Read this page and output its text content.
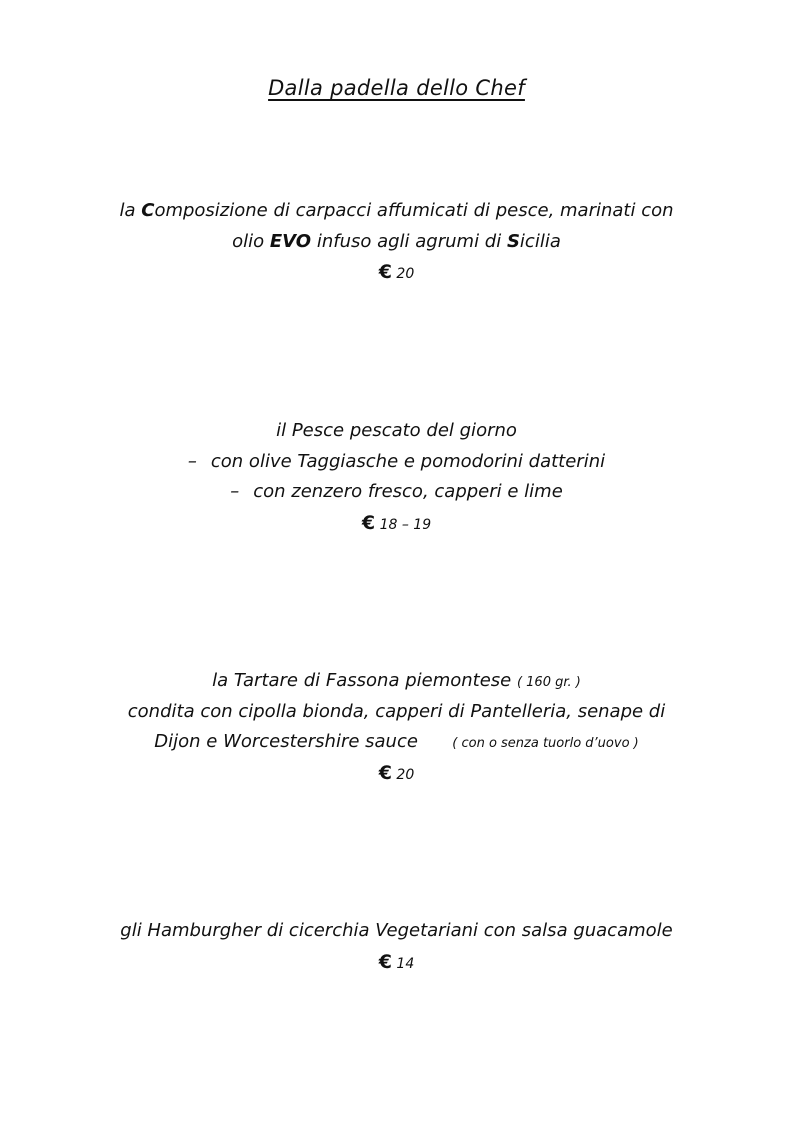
Dalla padella dello Chef
la Composizione di carpacci affumicati di pesce, marinati con
olio EVO infuso agli agrumi di Sicilia
€ 20
il Pesce pescato del giorno
– con olive Taggiasche e pomodorini datterini
– con zenzero fresco, capperi e lime
€ 18 – 19
la Tartare di Fassona piemontese ( 160 gr. )
condita con cipolla bionda, capperi di Pantelleria, senape di
Dijon e Worcestershire sauce      ( con o senza tuorlo d’uovo )
€ 20
gli Hamburgher di cicerchia Vegetariani con salsa guacamole
€ 14
